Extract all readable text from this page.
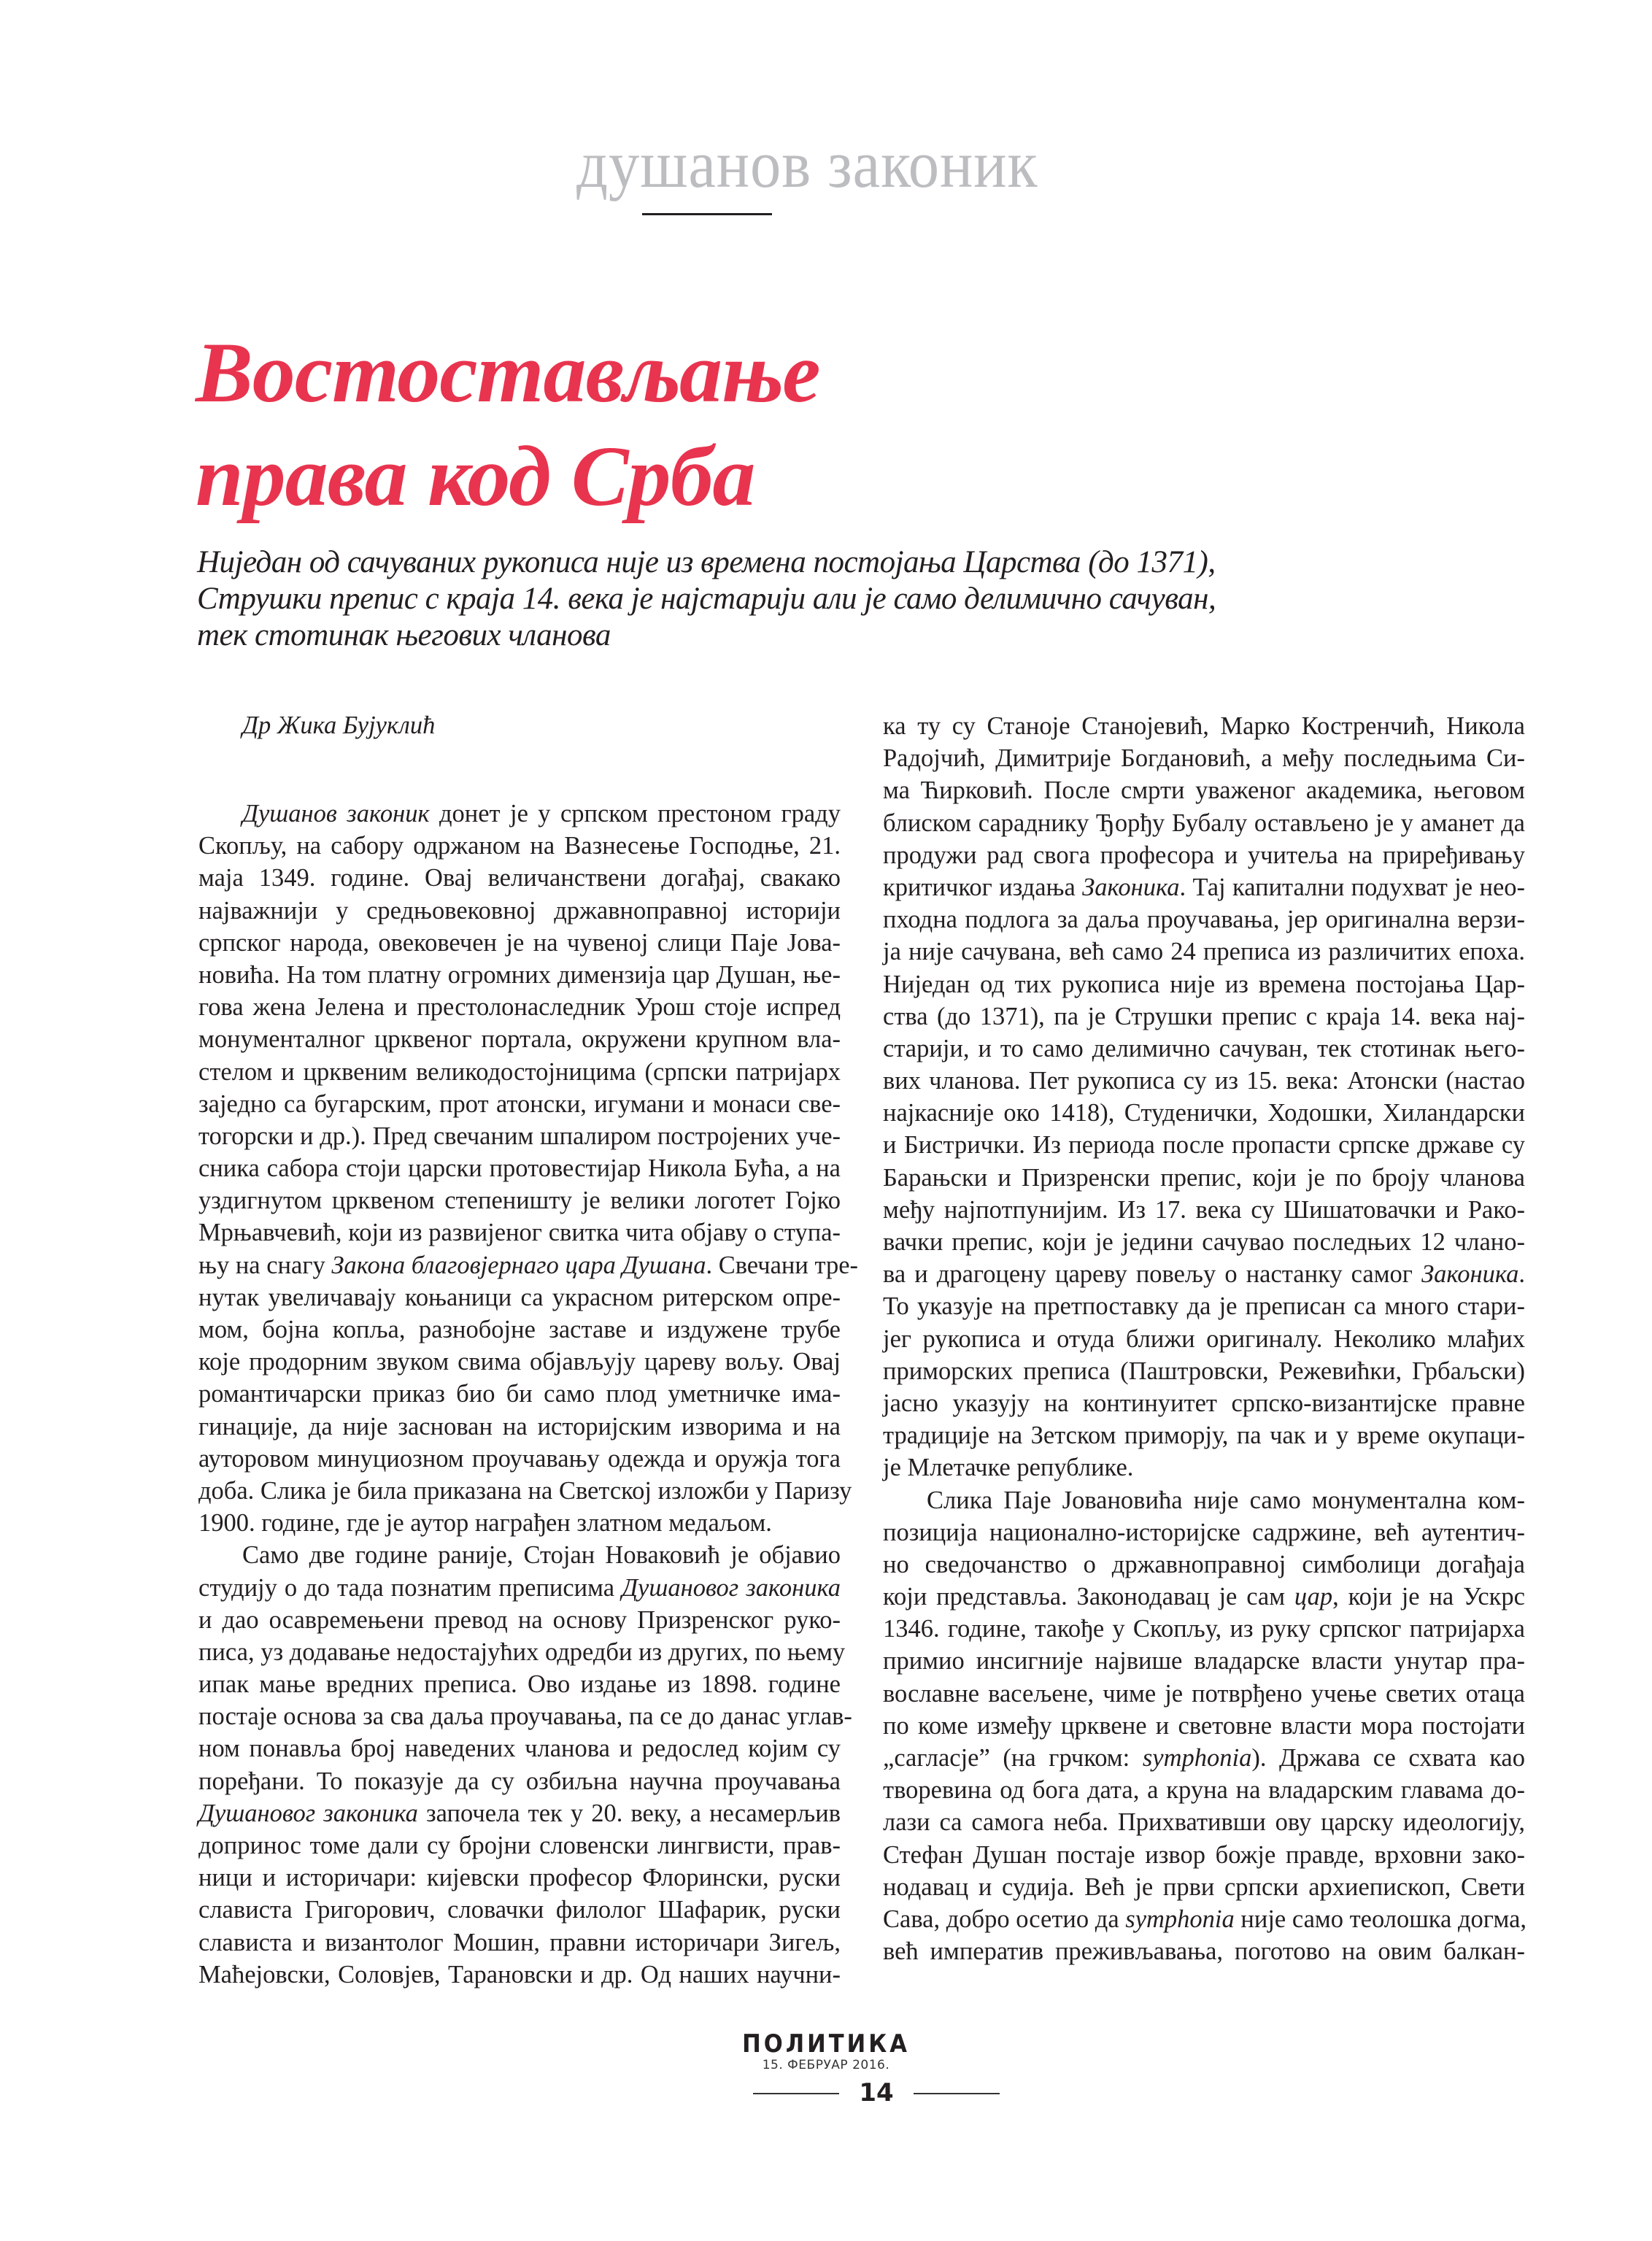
душанов законик
Востостављање
права код Срба

Ниједан од сачуваних рукописа није из времена постојања Царства (до 1371),
Струшки препис с краја 14. века је најстарији али је само делимично сачуван,
тек стотинак његових чланова

Др Жика Бујуклић
Душанов законик донет је у српском престоном граду
Скопљу, на сабору одржаном на Вазнесење Господње, 21.
маја 1349. године. Овај величанствени догађај, свакако
најважнији у средњовековној државноправној историји
српског народа, овековечен је на чувеној слици Паје Јова-
новића. На том платну огромних димензија цар Душан, ње-
гова жена Јелена и престолонаследник Урош стоје испред
монументалног црквеног портала, окружени крупном вла-
стелом и црквеним великодостојницима (српски патријарх
заједно са бугарским, прот атонски, игумани и монаси све-
тогорски и др.). Пред свечаним шпалиром постројених уче-
сника сабора стоји царски протовестијар Никола Бућа, а на
уздигнутом црквеном степеништу је велики логотет Гојко
Мрњавчевић, који из развијеног свитка чита објаву о ступа-
њу на снагу Закона благовјернаго цара Душана. Свечани тре-
нутак увеличавају коњаници са украсном ритерском опре-
мом, бојна копља, разнобојне заставе и издужене трубе
које продорним звуком свима објављују цареву вољу. Овај
романтичарски приказ био би само плод уметничке има-
гинације, да није заснован на историјским изворима и на
ауторовом минуциозном проучавању одежда и оружја тога
доба. Слика је била приказана на Светској изложби у Паризу
1900. године, где је аутор награђен златном медаљом.
Само две године раније, Стојан Новаковић је објавио
студију о до тада познатим преписима Душановог законика
и дао осавремењени превод на основу Призренског руко-
писа, уз додавање недостајућих одредби из других, по њему
ипак мање вредних преписа. Ово издање из 1898. године
постаје основа за сва даља проучавања, па се до данас углав-
ном понавља број наведених чланова и редослед којим су
поређани. То показује да су озбиљна научна проучавања
Душановог законика започела тек у 20. веку, а несамерљив
допринос томе дали су бројни словенски лингвисти, прав-
ници и историчари: кијевски професор Флорински, руски
слависта Григорович, словачки филолог Шафарик, руски
слависта и византолог Мошин, правни историчари Зигељ,
Маћејовски, Соловјев, Тарановски и др. Од наших научни-
ка ту су Станоје Станојевић, Марко Костренчић, Никола
Радојчић, Димитрије Богдановић, а међу последњима Си-
ма Ћирковић. После смрти уваженог академика, његовом
блиском сараднику Ђорђу Бубалу остављено је у аманет да
продужи рад свога професора и учитеља на приређивању
критичког издања Законика. Тај капитални подухват је нео-
пходна подлога за даља проучавања, јер оригинална верзи-
ја није сачувана, већ само 24 преписа из различитих епоха.
Ниједан од тих рукописа није из времена постојања Цар-
ства (до 1371), па је Струшки препис с краја 14. века нај-
старији, и то само делимично сачуван, тек стотинак његo-
вих чланова. Пет рукописа су из 15. века: Атонски (настао
најкасније око 1418), Студенички, Ходошки, Хиландарски
и Бистрички. Из периода после пропасти српске државе су
Барањски и Призренски препис, који је по броју чланова
међу најпотпунијим. Из 17. века су Шишатовачки и Рако-
вачки препис, који је једини сачувао последњих 12 члано-
ва и драгоцену цареву повељу о настанку самог Законика.
То указује на претпоставку да је преписан са много стари-
јег рукописа и отуда ближи оригиналу. Неколико млађих
приморских преписа (Паштровски, Режевићки, Грбаљски)
јасно указују на континуитет српско-византијске правне
традиције на Зетском приморју, па чак и у време окупаци-
је Млетачке републике.
Слика Паје Јовановића није само монументална ком-
позиција национално-историјске садржине, већ аутентич-
но сведочанство о државноправној симболици догађаја
који представља. Законодавац је сам цар, који је на Ускрс
1346. године, такође у Скопљу, из руку српског патријарха
примио инсигније највише владарске власти унутар пра-
вославне васељене, чиме је потврђено учење светих отаца
по коме између црквене и световне власти мора постојати
„сагласје” (на грчком: symphonia). Држава се схвата као
творевина од бога дата, а круна на владарским главама до-
лази са самога неба. Прихвативши ову царску идеологију,
Стефан Душан постаје извор божје правде, врховни зако-
нодавац и судија. Већ је први српски архиепископ, Свети
Сава, добро осетио да symphonia није само теолошка догма,
већ императив преживљавања, поготово на овим балкан-
ПОЛИТИКА
15. ФЕБРУАР 2016.
14
